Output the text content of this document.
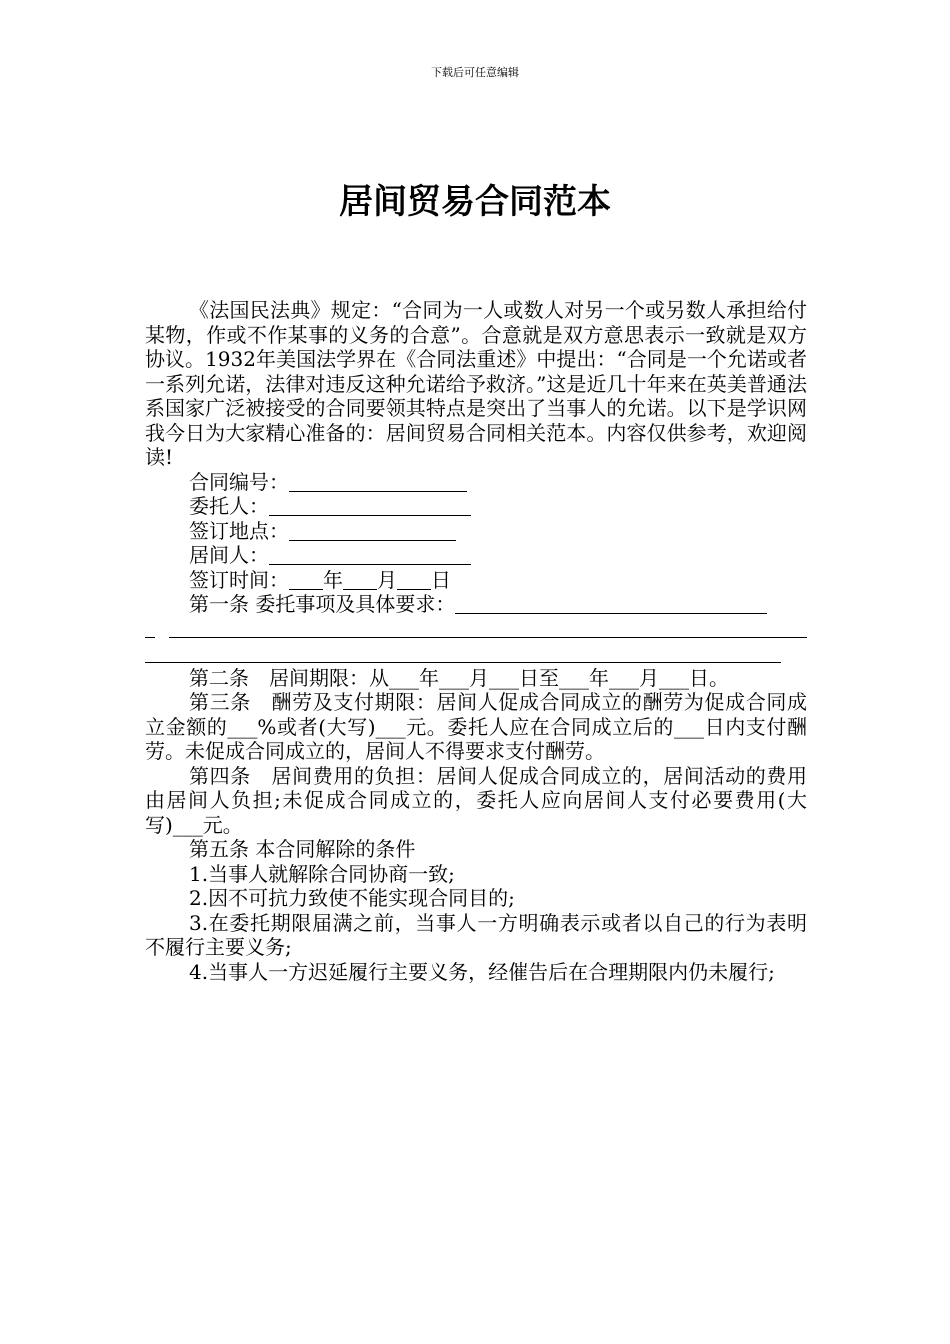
下载后可任意编辑
居间贸易合同范本

《法国民法典》规定：“合同为一人或数人对另一个或另数人承担给付某物，作或不作某事的义务的合意”。合意就是双方意思表示一致就是双方协议。1932年美国法学界在《合同法重述》中提出：“合同是一个允诺或者一系列允诺，法律对违反这种允诺给予救济。”这是近几十年来在英美普通法系国家广泛被接受的合同要领其特点是突出了当事人的允诺。以下是学识网我今日为大家精心准备的：居间贸易合同相关范本。内容仅供参考，欢迎阅读!

合同编号：
委托人：
签订地点：
居间人：
签订时间： 年 月 日
第一条 委托事项及具体要求：

第二条　居间期限：从___年___月___日至___年___月___日。

第三条　酬劳及支付期限：居间人促成合同成立的酬劳为促成合同成立金额的___%或者(大写)___元。委托人应在合同成立后的___日内支付酬劳。未促成合同成立的，居间人不得要求支付酬劳。

第四条　居间费用的负担：居间人促成合同成立的，居间活动的费用由居间人负担;未促成合同成立的，委托人应向居间人支付必要费用(大写)___元。

第五条 本合同解除的条件

1.当事人就解除合同协商一致;

2.因不可抗力致使不能实现合同目的;

3.在委托期限届满之前，当事人一方明确表示或者以自己的行为表明不履行主要义务;

4.当事人一方迟延履行主要义务，经催告后在合理期限内仍未履行;
